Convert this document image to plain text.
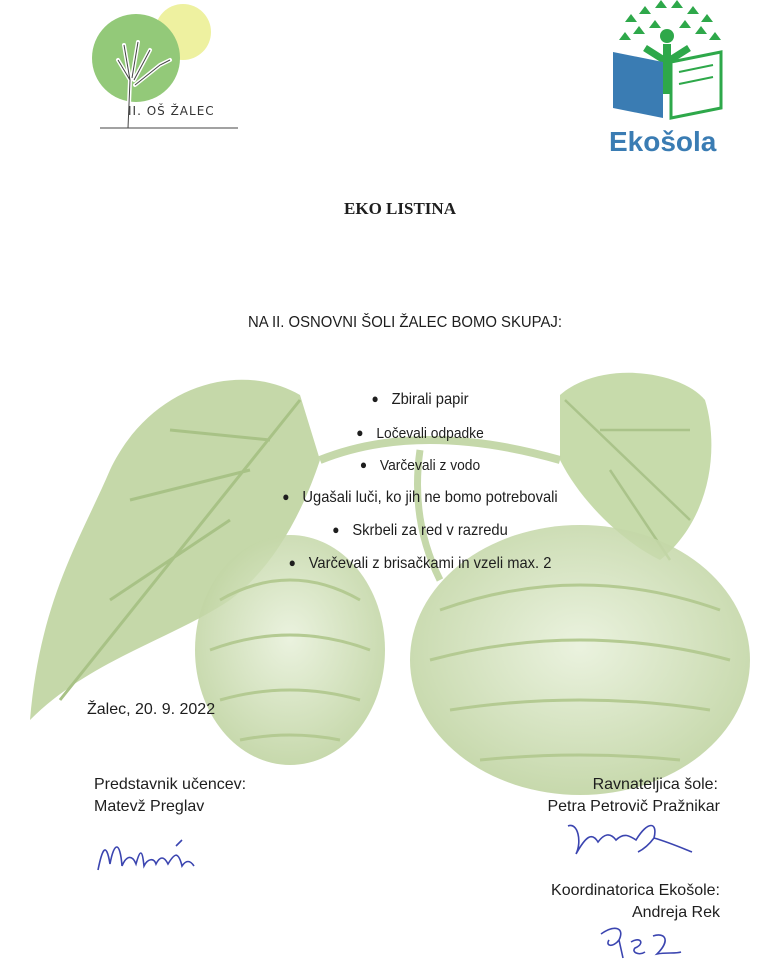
II. OŠ ŽALEC
Ekošola
EKO LISTINA
NA II. OSNOVNI ŠOLI ŽALEC BOMO SKUPAJ:
● Zbirali papir
● Ločevali odpadke
● Varčevali z vodo
● Ugašali luči, ko jih ne bomo potrebovali
● Skrbeli za red v razredu
● Varčevali z brisačkami in vzeli max. 2
Žalec, 20. 9. 2022
Predstavnik učencev:
Matevž Preglav
Ravnateljica šole:
Petra Petrovič Pražnikar
Koordinatorica Ekošole:
Andreja Rek
